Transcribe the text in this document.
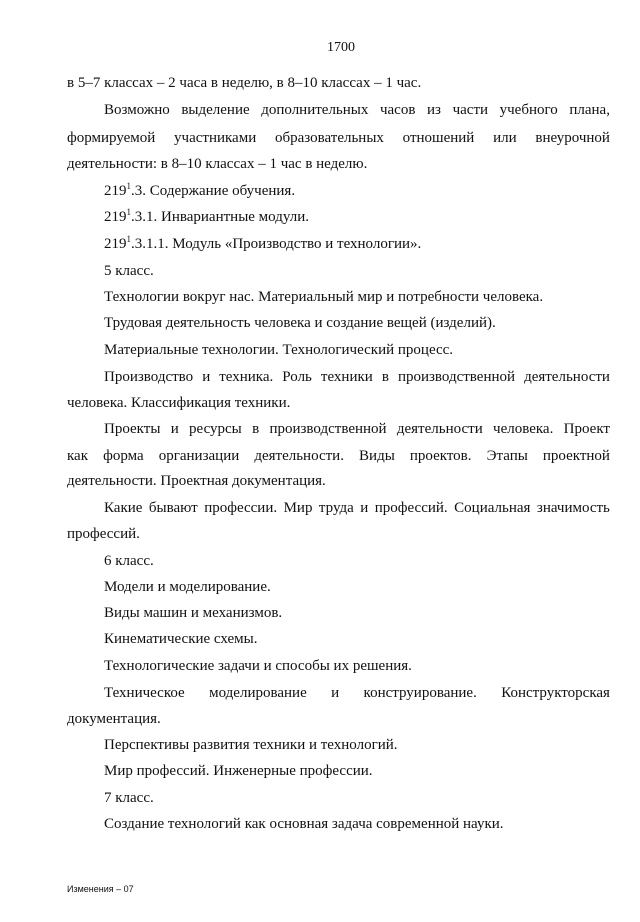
1700
в 5–7 классах – 2 часа в неделю, в 8–10 классах – 1 час.
Возможно выделение дополнительных часов из части учебного плана,
формируемой участниками образовательных отношений или внеурочной
деятельности: в 8–10 классах – 1 час в неделю.
$219^1.3$. Содержание обучения.
$219^1.3.1$. Инвариантные модули.
$219^1.3.1.1$. Модуль «Производство и технологии».
5 класс.
Технологии вокруг нас. Материальный мир и потребности человека.
Трудовая деятельность человека и создание вещей (изделий).
Материальные технологии. Технологический процесс.
Производство и техника. Роль техники в производственной деятельности
человека. Классификация техники.
Проекты и ресурсы в производственной деятельности человека. Проект
как форма организации деятельности. Виды проектов. Этапы проектной
деятельности. Проектная документация.
Какие бывают профессии. Мир труда и профессий. Социальная значимость
профессий.
6 класс.
Модели и моделирование.
Виды машин и механизмов.
Кинематические схемы.
Технологические задачи и способы их решения.
Техническое моделирование и конструирование. Конструкторская
документация.
Перспективы развития техники и технологий.
Мир профессий. Инженерные профессии.
7 класс.
Создание технологий как основная задача современной науки.
Изменения – 07
